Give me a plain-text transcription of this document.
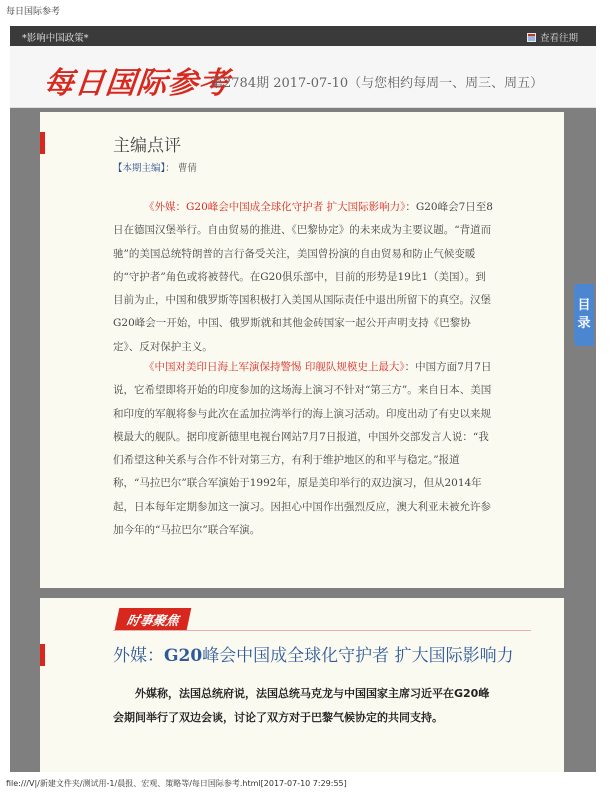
每日国际参考
*影响中国政策*	查看往期
每日国际参考
第2784期 2017-07-10（与您相约每周一、周三、周五）
主编点评
【本期主编】： 曹倩
《外媒：G20峰会中国成全球化守护者 扩大国际影响力》：G20峰会7日至8日在德国汉堡举行。自由贸易的推进、《巴黎协定》的未来成为主要议题。“背道而驰”的美国总统特朗普的言行备受关注，美国曾扮演的自由贸易和防止气候变暖的“守护者”角色或将被替代。在G20俱乐部中，目前的形势是19比1（美国）。到目前为止，中国和俄罗斯等国积极打入美国从国际责任中退出所留下的真空。汉堡G20峰会一开始，中国、俄罗斯就和其他金砖国家一起公开声明支持《巴黎协定》、反对保护主义。
《中国对美印日海上军演保持警惕 印舰队规模史上最大》：中国方面7月7日说，它希望即将开始的印度参加的这场海上演习不针对“第三方”。来自日本、美国和印度的军舰将参与此次在孟加拉湾举行的海上演习活动。印度出动了有史以来规模最大的舰队。据印度新德里电视台网站7月7日报道，中国外交部发言人说：“我们希望这种关系与合作不针对第三方，有利于维护地区的和平与稳定。”报道称，“马拉巴尔”联合军演始于1992年，原是美印举行的双边演习，但从2014年起，日本每年定期参加这一演习。因担心中国作出强烈反应，澳大利亚未被允许参加今年的“马拉巴尔”联合军演。
目
录
时事聚焦
外媒：G20峰会中国成全球化守护者 扩大国际影响力
外媒称，法国总统府说，法国总统马克龙与中国国家主席习近平在G20峰会期间举行了双边会谈，讨论了双方对于巴黎气候协定的共同支持。
file:///V|/新建文件夹/测试用-1/晨报、宏观、策略等/每日国际参考.html[2017-07-10 7:29:55]
